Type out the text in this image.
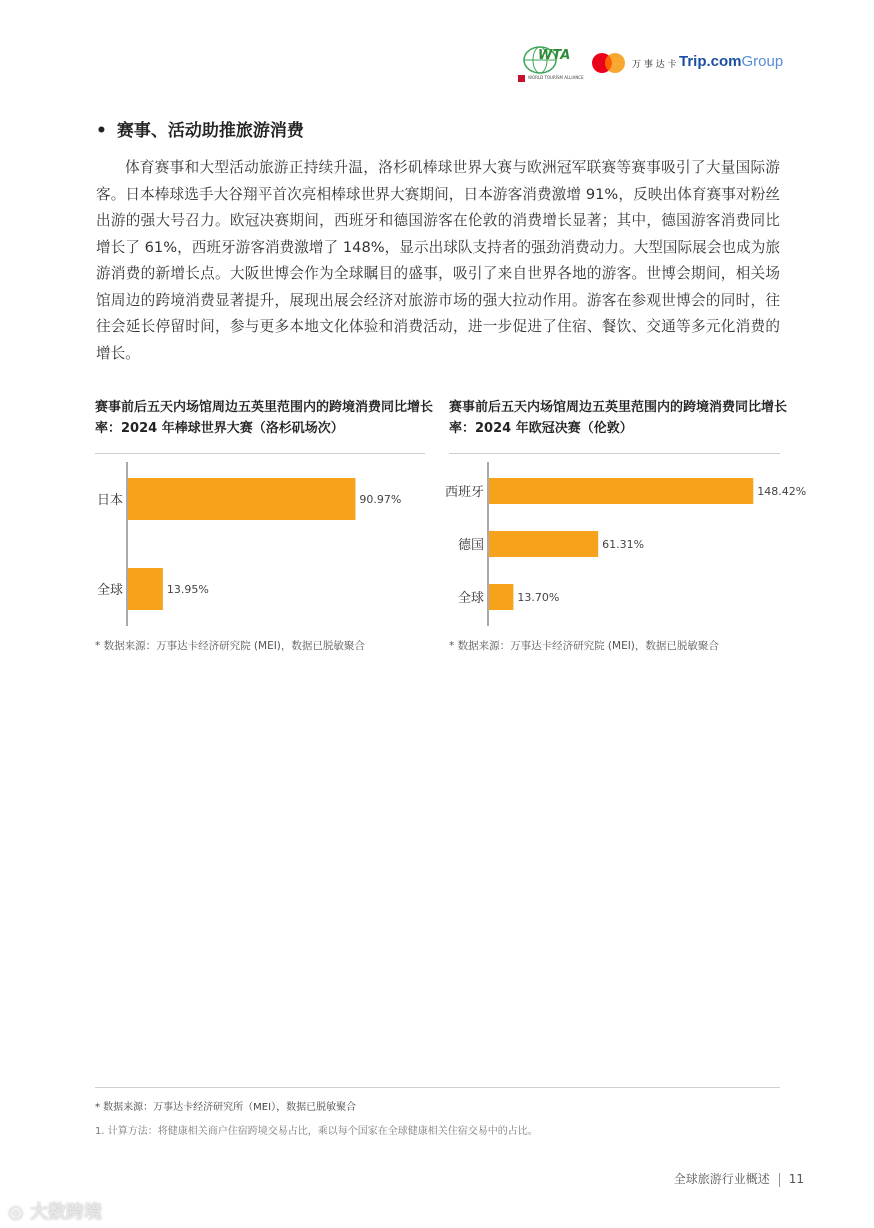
WTA
WORLD TOURISM ALLIANCE
万 事 达 卡 Trip.comGroup
• 赛事、活动助推旅游消费
体育赛事和大型活动旅游正持续升温，洛杉矶棒球世界大赛与欧洲冠军联赛等赛事吸引了大量国际游客。日本棒球选手大谷翔平首次亮相棒球世界大赛期间，日本游客消费激增 91%，反映出体育赛事对粉丝出游的强大号召力。欧冠决赛期间，西班牙和德国游客在伦敦的消费增长显著；其中，德国游客消费同比增长了 61%，西班牙游客消费激增了 148%，显示出球队支持者的强劲消费动力。大型国际展会也成为旅游消费的新增长点。大阪世博会作为全球瞩目的盛事，吸引了来自世界各地的游客。世博会期间，相关场馆周边的跨境消费显著提升，展现出展会经济对旅游市场的强大拉动作用。游客在参观世博会的同时，往往会延长停留时间，参与更多本地文化体验和消费活动，进一步促进了住宿、餐饮、交通等多元化消费的增长。
赛事前后五天内场馆周边五英里范围内的跨境消费同比增长率：2024 年棒球世界大赛（洛杉矶场次）
日本	90.97%
全球	13.95%
* 数据来源：万事达卡经济研究院 (MEI)，数据已脱敏聚合
赛事前后五天内场馆周边五英里范围内的跨境消费同比增长率：2024 年欧冠决赛（伦敦）
西班牙	148.42%
德国	61.31%
全球	13.70%
* 数据来源：万事达卡经济研究院 (MEI)，数据已脱敏聚合
* 数据来源：万事达卡经济研究所（MEI），数据已脱敏聚合
1. 计算方法：将健康相关商户住宿跨境交易占比，乘以每个国家在全球健康相关住宿交易中的占比。
全球旅游行业概述 11
◎ 大数跨境
